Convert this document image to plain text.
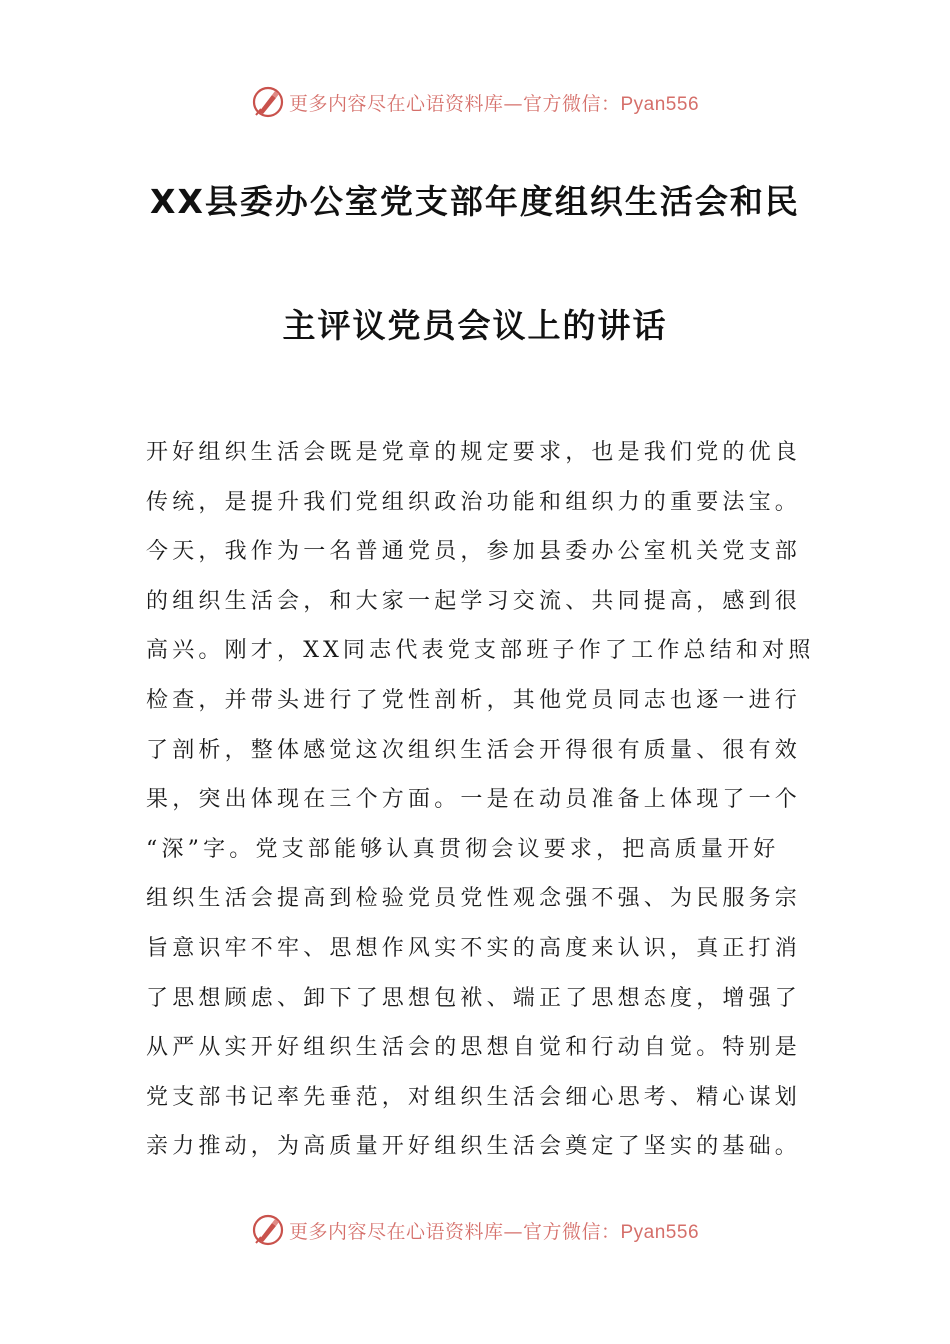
更多内容尽在心语资料库—官方微信：Pyan556
XX县委办公室党支部年度组织生活会和民
主评议党员会议上的讲话
开好组织生活会既是党章的规定要求，也是我们党的优良
传统，是提升我们党组织政治功能和组织力的重要法宝。
今天，我作为一名普通党员，参加县委办公室机关党支部
的组织生活会，和大家一起学习交流、共同提高，感到很
高兴。刚才，XX同志代表党支部班子作了工作总结和对照
检查，并带头进行了党性剖析，其他党员同志也逐一进行
了剖析，整体感觉这次组织生活会开得很有质量、很有效
果，突出体现在三个方面。一是在动员准备上体现了一个
“深”字。党支部能够认真贯彻会议要求，把高质量开好
组织生活会提高到检验党员党性观念强不强、为民服务宗
旨意识牢不牢、思想作风实不实的高度来认识，真正打消
了思想顾虑、卸下了思想包袱、端正了思想态度，增强了
从严从实开好组织生活会的思想自觉和行动自觉。特别是
党支部书记率先垂范，对组织生活会细心思考、精心谋划
亲力推动，为高质量开好组织生活会奠定了坚实的基础。
更多内容尽在心语资料库—官方微信：Pyan556
